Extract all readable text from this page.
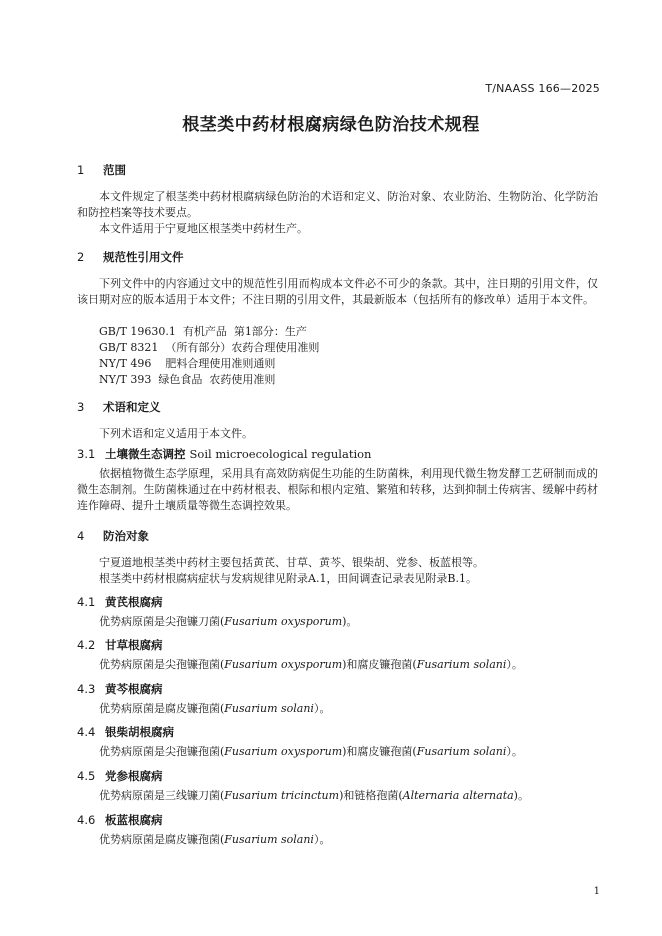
T/NAASS 166—2025
根茎类中药材根腐病绿色防治技术规程
1 范围
本文件规定了根茎类中药材根腐病绿色防治的术语和定义、防治对象、农业防治、生物防治、化学防治和防控档案等技术要点。
本文件适用于宁夏地区根茎类中药材生产。
2 规范性引用文件
下列文件中的内容通过文中的规范性引用而构成本文件必不可少的条款。其中，注日期的引用文件，仅该日期对应的版本适用于本文件；不注日期的引用文件，其最新版本（包括所有的修改单）适用于本文件。
GB/T 19630.1  有机产品  第1部分：生产
GB/T 8321  （所有部分）农药合理使用准则
NY/T 496    肥料合理使用准则通则
NY/T 393  绿色食品  农药使用准则
3 术语和定义
下列术语和定义适用于本文件。
3.1 土壤微生态调控 Soil microecological regulation
依据植物微生态学原理，采用具有高效防病促生功能的生防菌株，利用现代微生物发酵工艺研制而成的微生态制剂。生防菌株通过在中药材根表、根际和根内定殖、繁殖和转移，达到抑制土传病害、缓解中药材连作障碍、提升土壤质量等微生态调控效果。
4 防治对象
宁夏道地根茎类中药材主要包括黄芪、甘草、黄芩、银柴胡、党参、板蓝根等。
根茎类中药材根腐病症状与发病规律见附录A.1，田间调查记录表见附录B.1。
4.1 黄芪根腐病
优势病原菌是尖孢镰刀菌(Fusarium oxysporum)。
4.2 甘草根腐病
优势病原菌是尖孢镰孢菌(Fusarium oxysporum)和腐皮镰孢菌(Fusarium solani）。
4.3 黄芩根腐病
优势病原菌是腐皮镰孢菌(Fusarium solani）。
4.4 银柴胡根腐病
优势病原菌是尖孢镰孢菌(Fusarium oxysporum)和腐皮镰孢菌(Fusarium solani）。
4.5 党参根腐病
优势病原菌是三线镰刀菌(Fusarium tricinctum)和链格孢菌(Alternaria alternata)。
4.6 板蓝根腐病
优势病原菌是腐皮镰孢菌(Fusarium solani）。
1
